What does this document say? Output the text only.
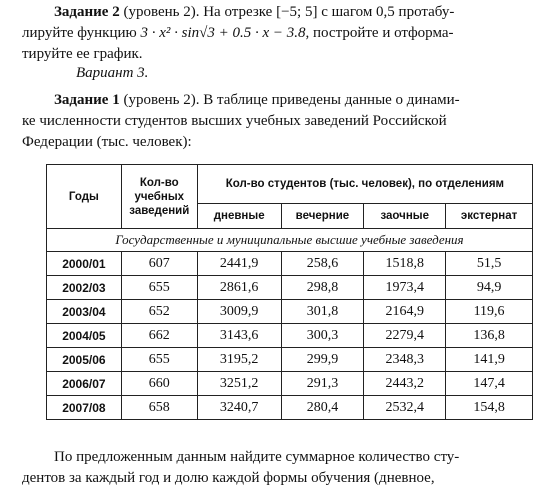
Задание 2 (уровень 2). На отрезке [−5; 5] с шагом 0,5 протабу-
лируйте функцию 3 · x² · sin√3 + 0.5 · x − 3.8, постройте и отформа-
тируйте ее график.
Вариант 3.
Задание 1 (уровень 2). В таблице приведены данные о динами-
ке численности студентов высших учебных заведений Российской
Федерации (тыс. человек):
Годы	Кол-во учебных заведений	Кол-во студентов (тыс. человек), по отделениям			
		дневные	вечерние	заочные	экстернат
Государственные и муниципальные высшие учебные заведения					
2000/01	607	2441,9	258,6	1518,8	51,5
2002/03	655	2861,6	298,8	1973,4	94,9
2003/04	652	3009,9	301,8	2164,9	119,6
2004/05	662	3143,6	300,3	2279,4	136,8
2005/06	655	3195,2	299,9	2348,3	141,9
2006/07	660	3251,2	291,3	2443,2	147,4
2007/08	658	3240,7	280,4	2532,4	154,8
По предложенным данным найдите суммарное количество сту-
дентов за каждый год и долю каждой формы обучения (дневное,
